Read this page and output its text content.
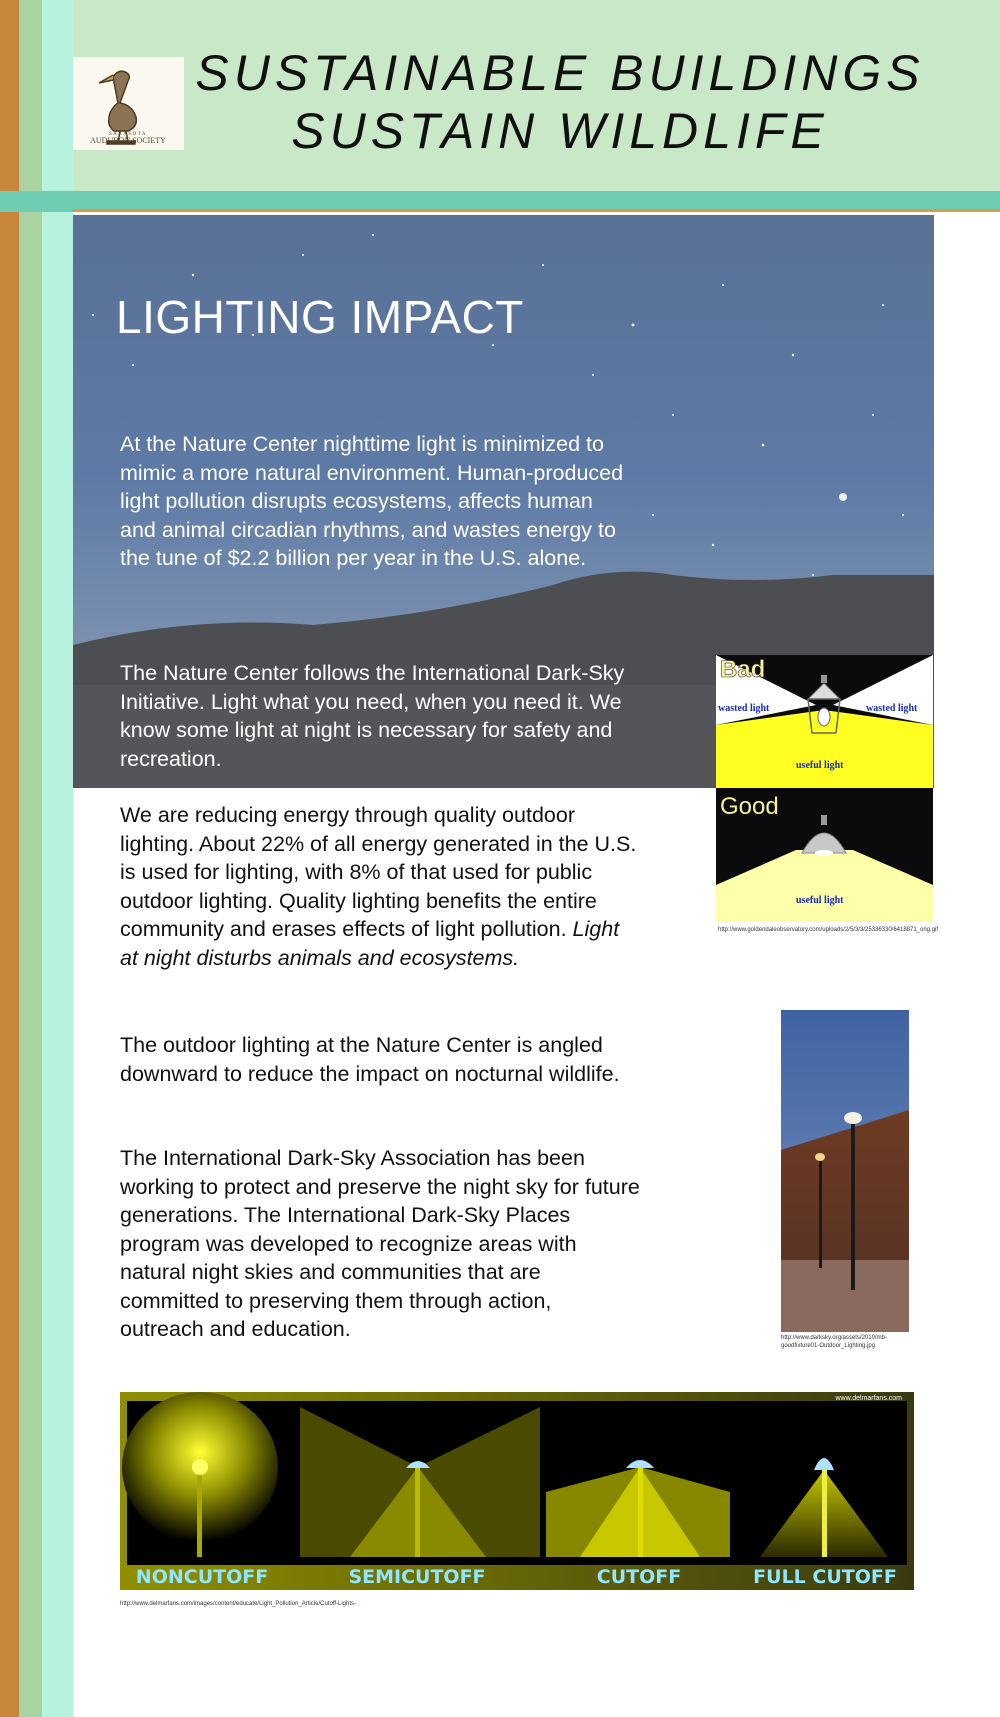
SARASOTA
AUDUBON SOCIETY
SUSTAINABLE BUILDINGS
SUSTAIN WILDLIFE
LIGHTING IMPACT

At the Nature Center nighttime light is minimized to mimic a more natural environment. Human-produced light pollution disrupts ecosystems, affects human and animal circadian rhythms, and wastes energy to the tune of $2.2 billion per year in the U.S. alone.

The Nature Center follows the International Dark-Sky Initiative. Light what you need, when you need it. We know some light at night is necessary for safety and recreation.

We are reducing energy through quality outdoor lighting. About 22% of all energy generated in the U.S. is used for lighting, with 8% of that used for public outdoor lighting. Quality lighting benefits the entire community and erases effects of light pollution. Light at night disturbs animals and ecosystems.

The outdoor lighting at the Nature Center is angled downward to reduce the impact on nocturnal wildlife.

The International Dark-Sky Association has been working to protect and preserve the night sky for future generations. The International Dark-Sky Places program was developed to recognize areas with natural night skies and communities that are committed to preserving them through action, outreach and education.

Bad
wasted light	wasted light
useful light
Good
useful light

http://www.goldendaleobservatory.com/uploads/2/5/3/3/25336330/6418871_orig.gif

http://www.darksky.org/assets/2010/mb-goodfixture01-Outdoor_Lighting.jpg

www.delmarfans.com
NONCUTOFF	SEMICUTOFF	CUTOFF	FULL CUTOFF

http://www.delmarfans.com/images/content/educate/Light_Pollution_Article/Cutoff-Lights-
